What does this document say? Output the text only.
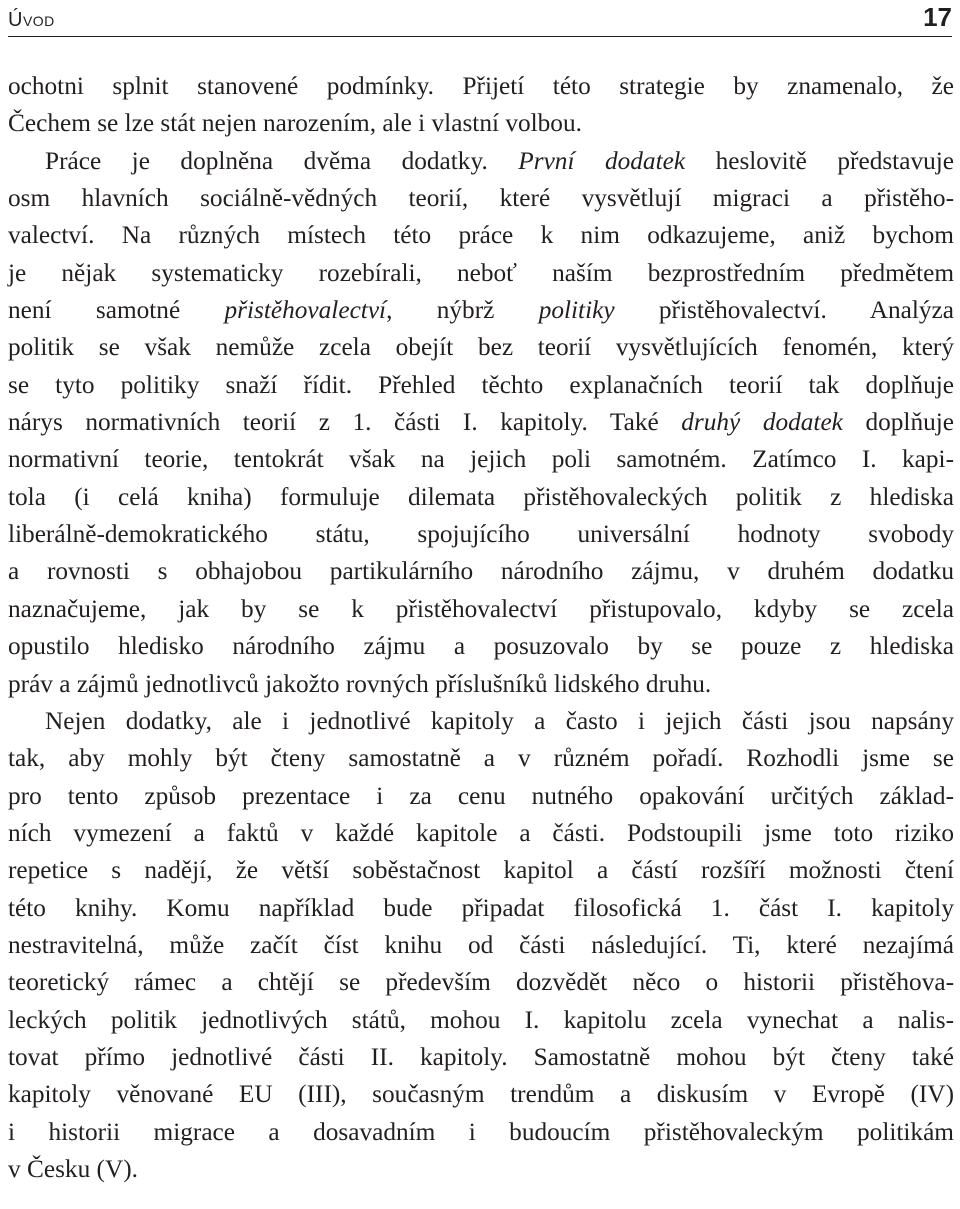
Úvod	17
ochotni splnit stanovené podmínky. Přijetí této strategie by znamenalo, že
Čechem se lze stát nejen narozením, ale i vlastní volbou.
Práce je doplněna dvěma dodatky. První dodatek heslovitě představuje
osm hlavních sociálně-vědných teorií, které vysvětlují migraci a přistěho-
valectví. Na různých místech této práce k nim odkazujeme, aniž bychom
je nějak systematicky rozebírali, neboť naším bezprostředním předmětem
není samotné přistěhovalectví, nýbrž politiky přistěhovalectví. Analýza
politik se však nemůže zcela obejít bez teorií vysvětlujících fenomén, který
se tyto politiky snaží řídit. Přehled těchto explanačních teorií tak doplňuje
nárys normativních teorií z 1. části I. kapitoly. Také druhý dodatek doplňuje
normativní teorie, tentokrát však na jejich poli samotném. Zatímco I. kapi-
tola (i celá kniha) formuluje dilemata přistěhovaleckých politik z hlediska
liberálně-demokratického státu, spojujícího universální hodnoty svobody
a rovnosti s obhajobou partikulárního národního zájmu, v druhém dodatku
naznačujeme, jak by se k přistěhovalectví přistupovalo, kdyby se zcela
opustilo hledisko národního zájmu a posuzovalo by se pouze z hlediska
práv a zájmů jednotlivců jakožto rovných příslušníků lidského druhu.
Nejen dodatky, ale i jednotlivé kapitoly a často i jejich části jsou napsány
tak, aby mohly být čteny samostatně a v různém pořadí. Rozhodli jsme se
pro tento způsob prezentace i za cenu nutného opakování určitých základ-
ních vymezení a faktů v každé kapitole a části. Podstoupili jsme toto riziko
repetice s nadějí, že větší soběstačnost kapitol a částí rozšíří možnosti čtení
této knihy. Komu například bude připadat filosofická 1. část I. kapitoly
nestravitelná, může začít číst knihu od části následující. Ti, které nezajímá
teoretický rámec a chtějí se především dozvědět něco o historii přistěhova-
leckých politik jednotlivých států, mohou I. kapitolu zcela vynechat a nalis-
tovat přímo jednotlivé části II. kapitoly. Samostatně mohou být čteny také
kapitoly věnované EU (III), současným trendům a diskusím v Evropě (IV)
i historii migrace a dosavadním i budoucím přistěhovaleckým politikám
v Česku (V).
